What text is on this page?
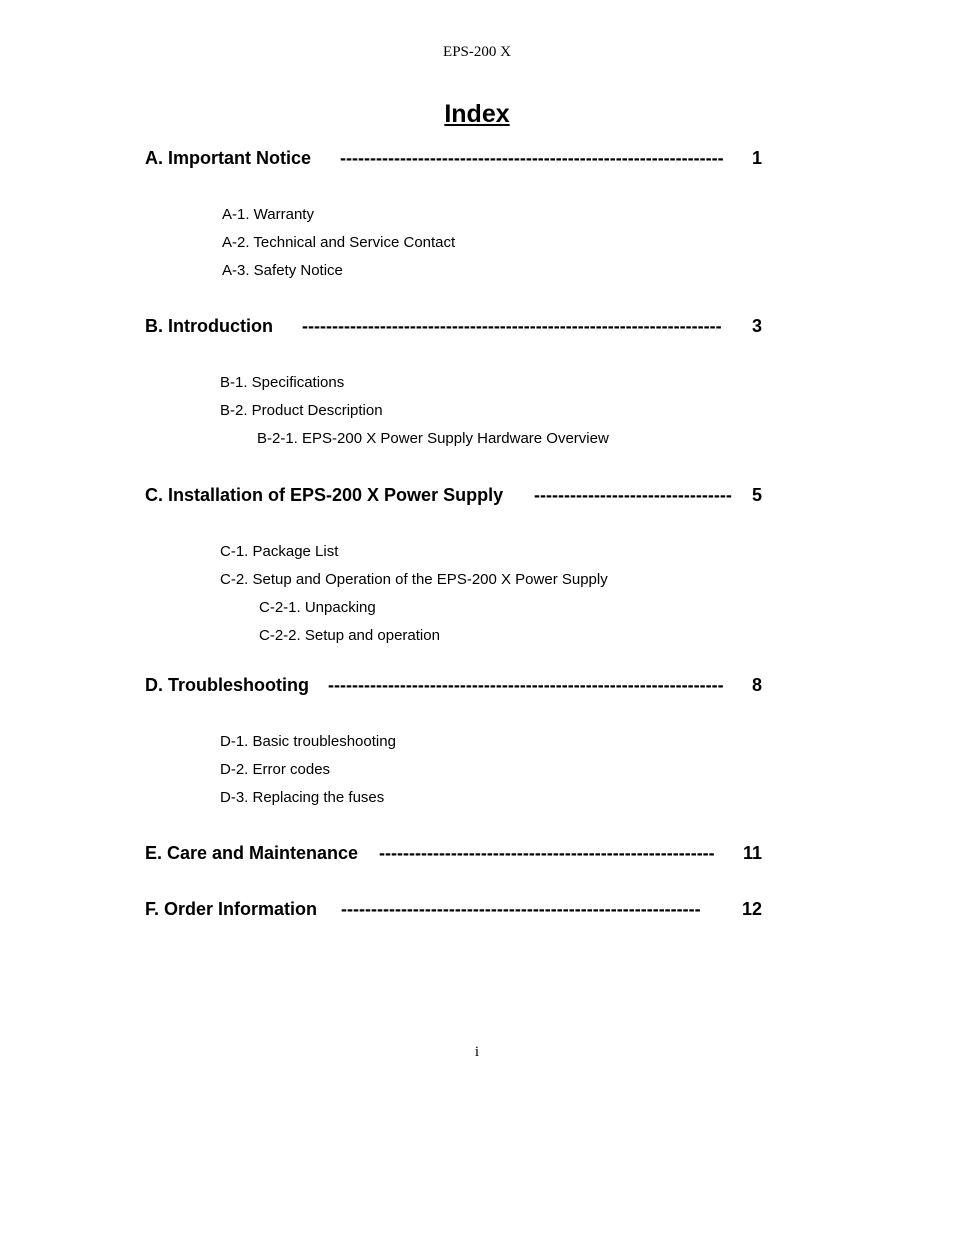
EPS-200 X
Index
A. Important Notice ----------------------------------------------------------------	1
A-1. Warranty
A-2. Technical and Service Contact
A-3. Safety Notice
B. Introduction ----------------------------------------------------------------------	3
B-1. Specifications
B-2. Product Description
B-2-1. EPS-200 X Power Supply Hardware Overview
C. Installation of EPS-200 X Power Supply ---------------------------------	5
C-1. Package List
C-2. Setup and Operation of the EPS-200 X Power Supply
C-2-1. Unpacking
C-2-2. Setup and operation
D. Troubleshooting ------------------------------------------------------------------	8
D-1. Basic troubleshooting
D-2. Error codes
D-3. Replacing the fuses
E. Care and Maintenance --------------------------------------------------------	11
F. Order Information ------------------------------------------------------------	12
i
